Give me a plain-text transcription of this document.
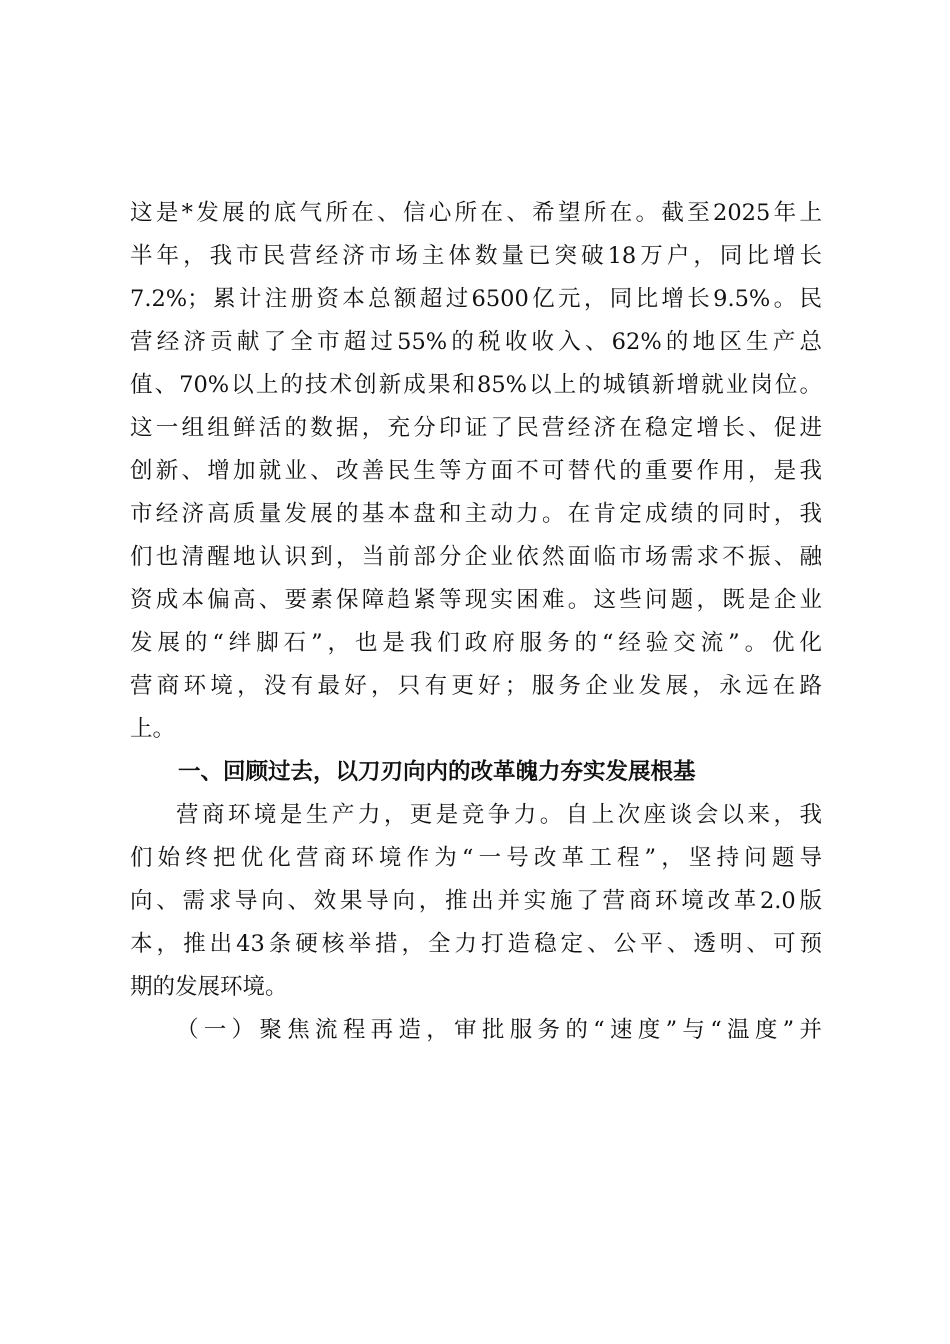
这是*发展的底气所在、信心所在、希望所在。截至2025年上
半年，我市民营经济市场主体数量已突破18万户，同比增长
7.2%；累计注册资本总额超过6500亿元，同比增长9.5%。民
营经济贡献了全市超过55%的税收收入、62%的地区生产总
值、70%以上的技术创新成果和85%以上的城镇新增就业岗位。
这一组组鲜活的数据，充分印证了民营经济在稳定增长、促进
创新、增加就业、改善民生等方面不可替代的重要作用，是我
市经济高质量发展的基本盘和主动力。在肯定成绩的同时，我
们也清醒地认识到，当前部分企业依然面临市场需求不振、融
资成本偏高、要素保障趋紧等现实困难。这些问题，既是企业
发展的“绊脚石”，也是我们政府服务的“经验交流”。优化
营商环境，没有最好，只有更好；服务企业发展，永远在路
上。
一、回顾过去，以刀刃向内的改革魄力夯实发展根基
营商环境是生产力，更是竞争力。自上次座谈会以来，我
们始终把优化营商环境作为“一号改革工程”，坚持问题导
向、需求导向、效果导向，推出并实施了营商环境改革2.0版
本，推出43条硬核举措，全力打造稳定、公平、透明、可预
期的发展环境。
（一）聚焦流程再造，审批服务的“速度”与“温度”并
